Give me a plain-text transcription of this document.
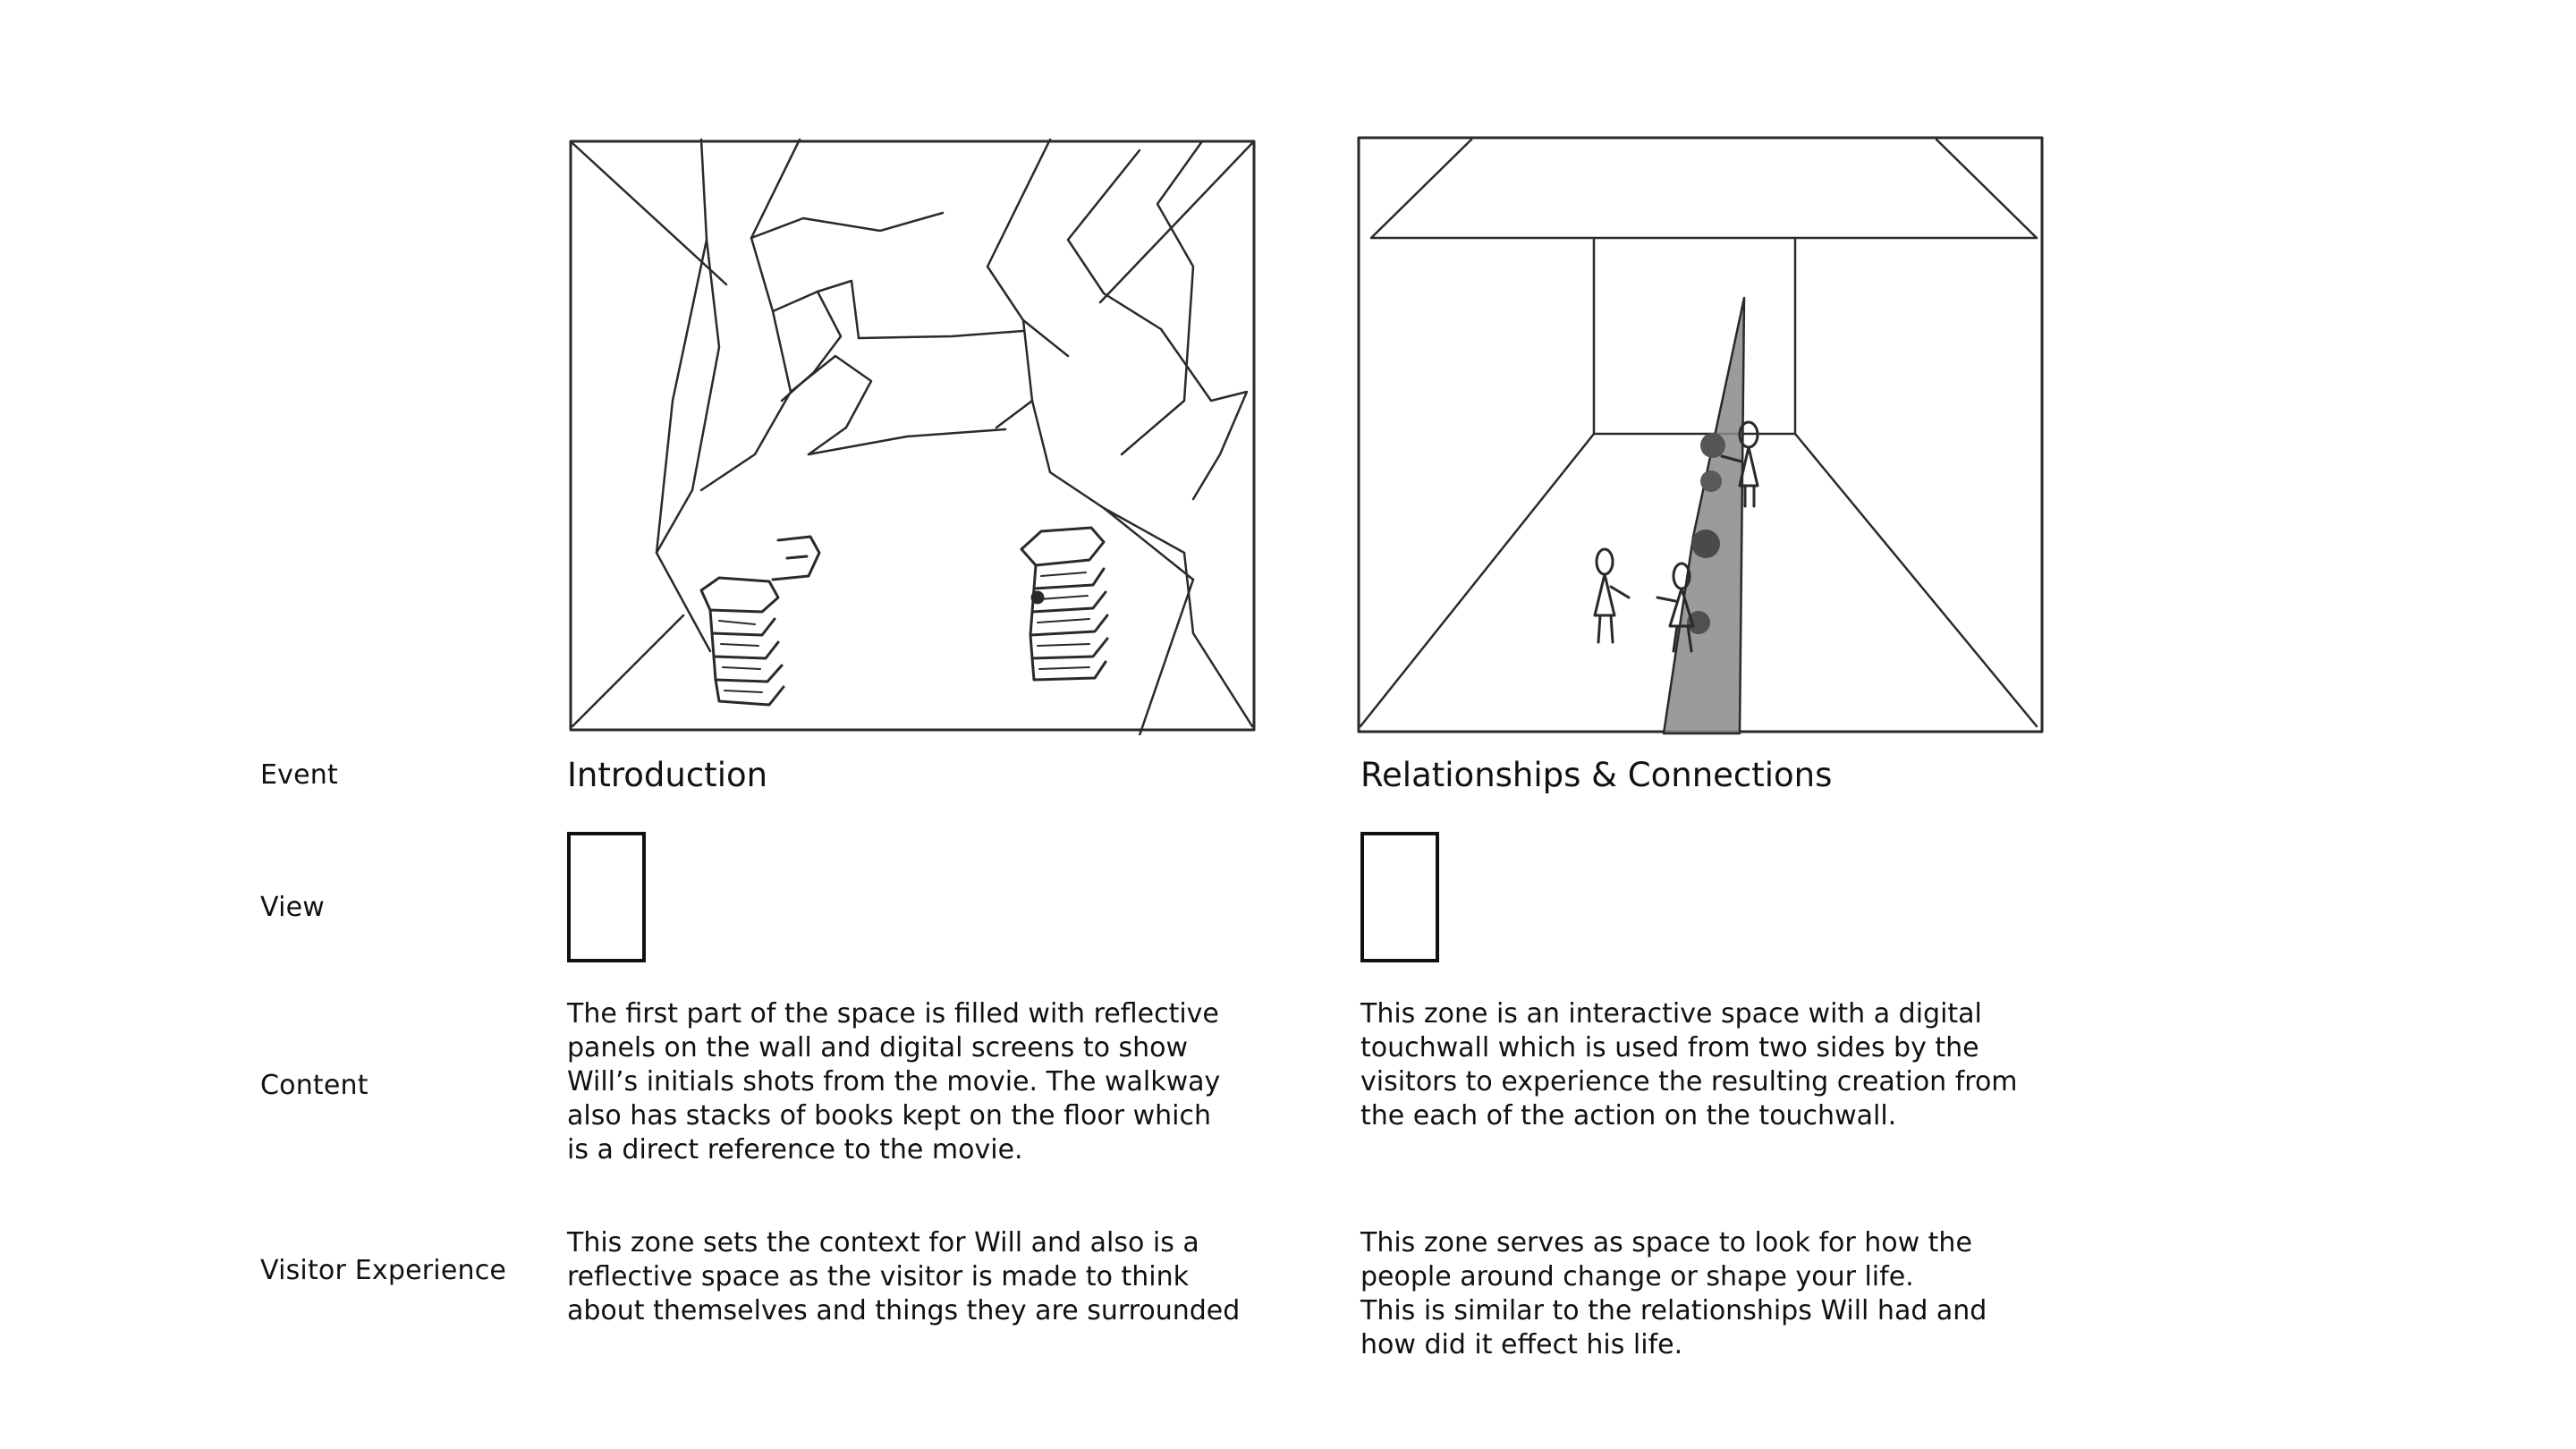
Event
View
Content
Visitor Experience
Introduction

The first part of the space is filled with reflective

panels on the wall and digital screens to show

Will’s initials shots from the movie. The walkway

also has stacks of books kept on the floor which

is a direct reference to the movie.

This zone sets the context for Will and also is a

reflective space as the visitor is made to think

about themselves and things they are surrounded

Relationships & Connections

This zone is an interactive space with a digital

touchwall which is used from two sides by the

visitors to experience the resulting creation from

the each of the action on the touchwall.

This zone serves as space to look for how the

people around change or shape your life.

This is similar to the relationships Will had and

how did it effect his life.
